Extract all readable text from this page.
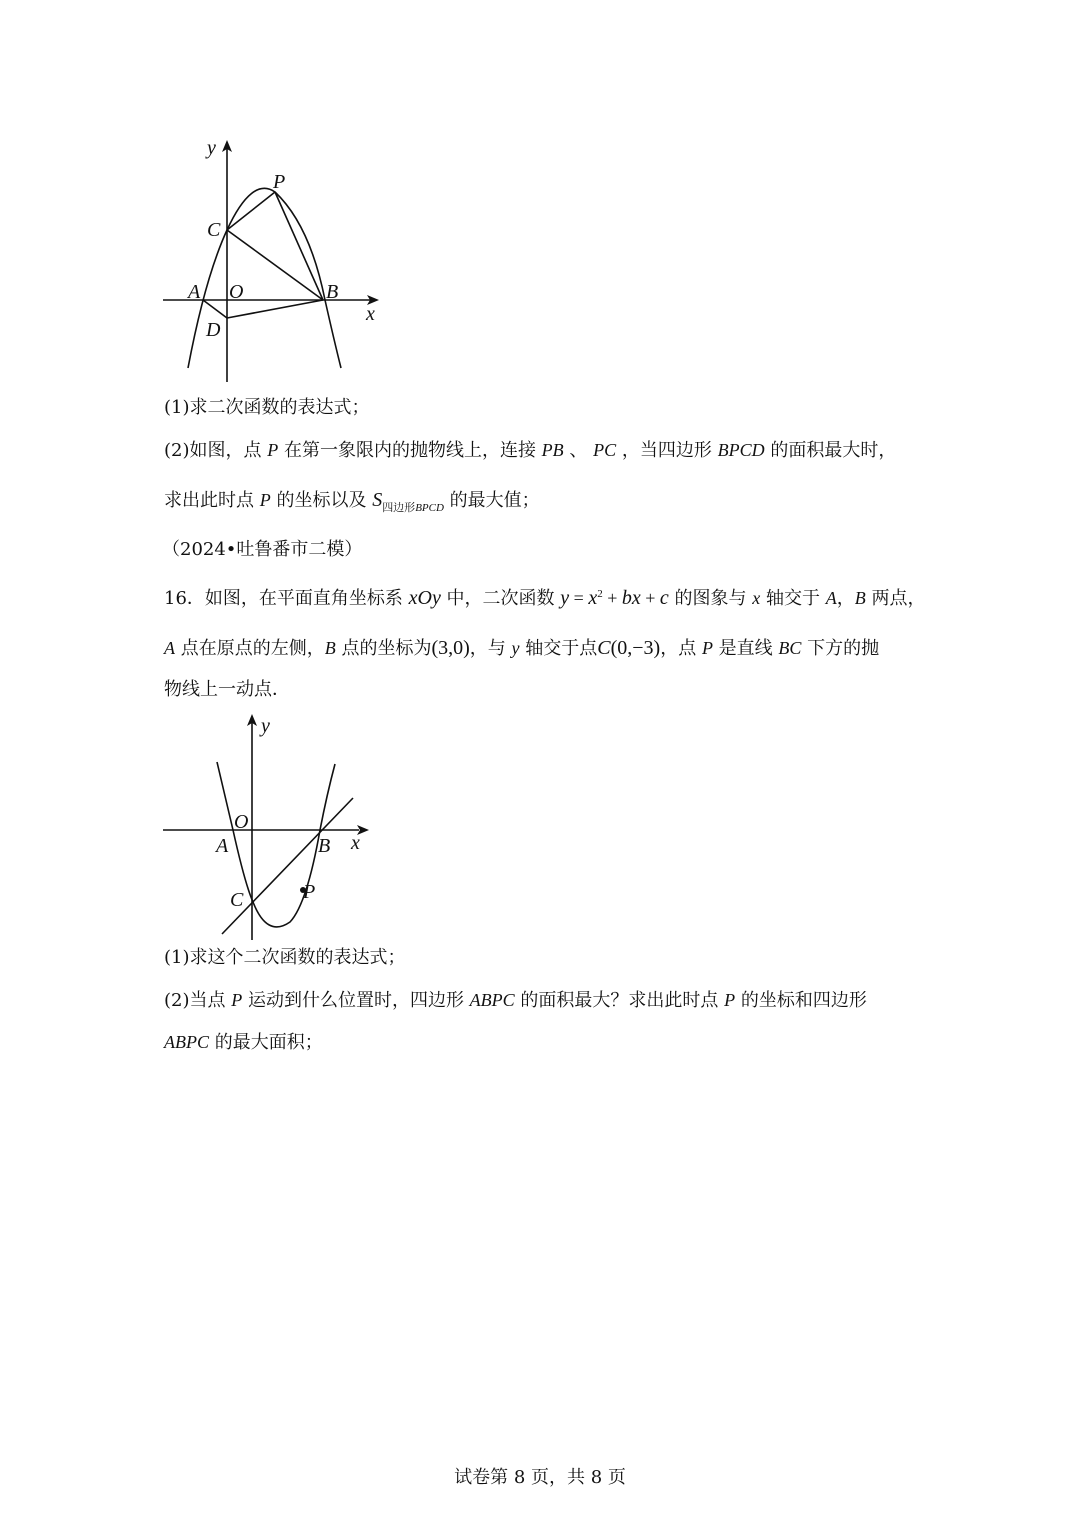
y
P
C
A O	B
x
D
(1)求二次函数的表达式；
(2)如图，点 P 在第一象限内的抛物线上，连接 PB 、 PC ，当四边形 BPCD 的面积最大时，
求出此时点 P 的坐标以及 $S_{四边形BPCD}$ 的最大值；
（2024•吐鲁番市二模）
16．如图，在平面直角坐标系 xOy 中，二次函数 $y = x^2$ + bx + c 的图象与 x 轴交于 A，B 两点，
A 点在原点的左侧，B 点的坐标为(3,0)，与 y 轴交于点C(0,−3)，点 P 是直线 BC 下方的抛
物线上一动点．
y
O
A	B x
C	P
(1)求这个二次函数的表达式；
(2)当点 P 运动到什么位置时，四边形 ABPC 的面积最大？求出此时点 P 的坐标和四边形
ABPC 的最大面积；
试卷第 8 页，共 8 页
